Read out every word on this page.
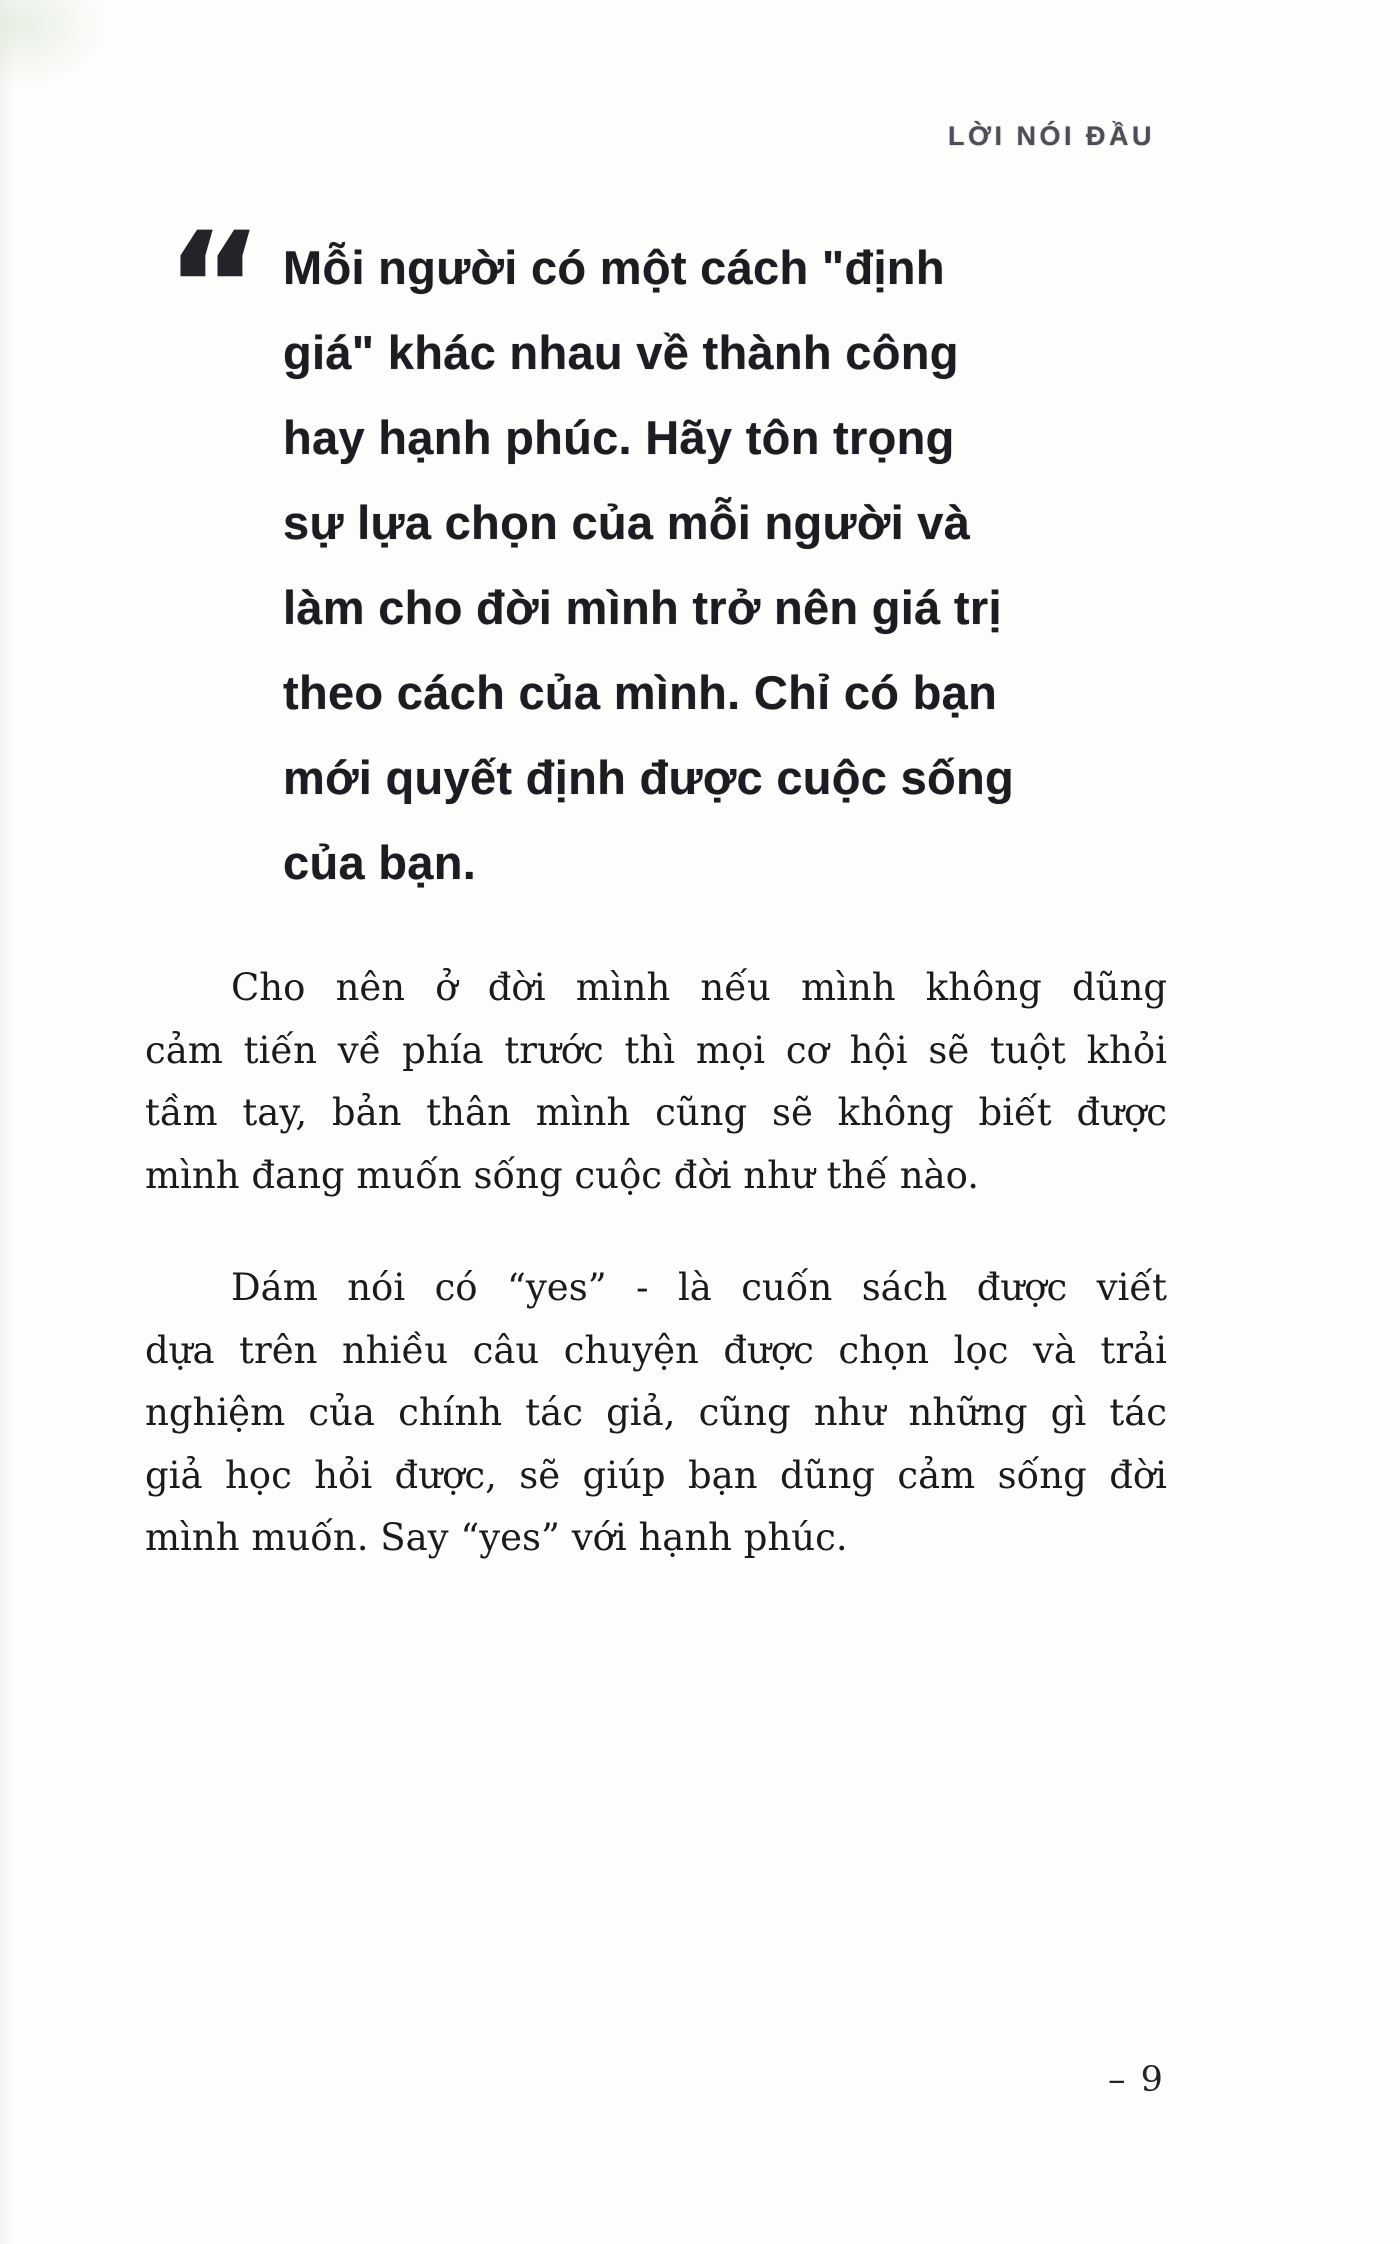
LỜI NÓI ĐẦU
“ Mỗi người có một cách "định
giá" khác nhau về thành công
hay hạnh phúc. Hãy tôn trọng
sự lựa chọn của mỗi người và
làm cho đời mình trở nên giá trị
theo cách của mình. Chỉ có bạn
mới quyết định được cuộc sống
của bạn.
Cho nên ở đời mình nếu mình không dũng
cảm tiến về phía trước thì mọi cơ hội sẽ tuột khỏi
tầm tay, bản thân mình cũng sẽ không biết được
mình đang muốn sống cuộc đời như thế nào.
Dám nói có “yes” - là cuốn sách được viết
dựa trên nhiều câu chuyện được chọn lọc và trải
nghiệm của chính tác giả, cũng như những gì tác
giả học hỏi được, sẽ giúp bạn dũng cảm sống đời
mình muốn. Say “yes” với hạnh phúc.
– 9
